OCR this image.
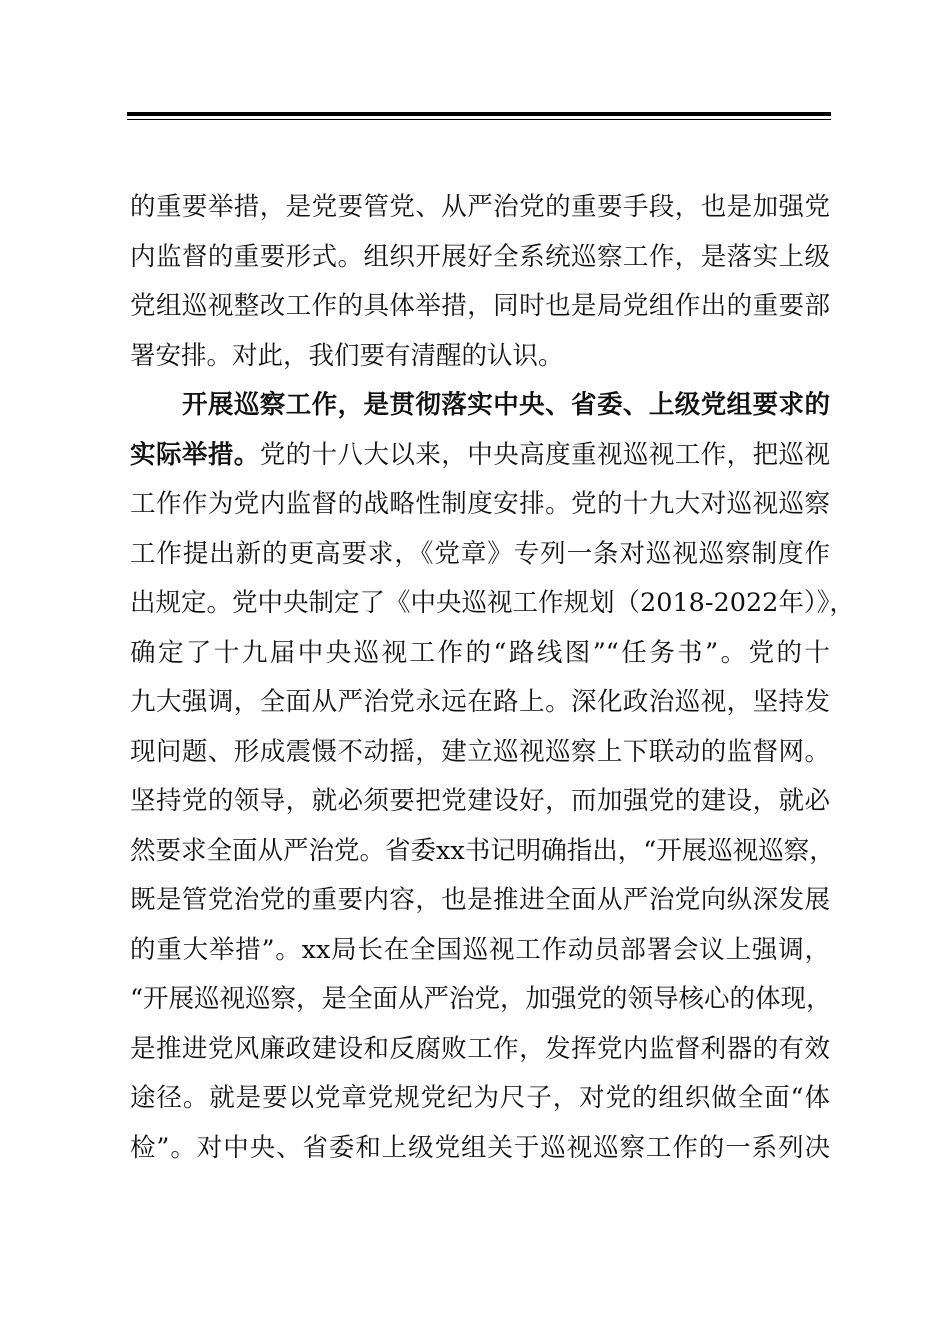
的重要举措，是党要管党、从严治党的重要手段，也是加强党
内监督的重要形式。组织开展好全系统巡察工作，是落实上级
党组巡视整改工作的具体举措，同时也是局党组作出的重要部
署安排。对此，我们要有清醒的认识。
开展巡察工作，是贯彻落实中央、省委、上级党组要求的
实际举措。党的十八大以来，中央高度重视巡视工作，把巡视
工作作为党内监督的战略性制度安排。党的十九大对巡视巡察
工作提出新的更高要求，《党章》专列一条对巡视巡察制度作
出规定。党中央制定了《中央巡视工作规划（2018-2022年）》，
确定了十九届中央巡视工作的“路线图”“任务书”。党的十
九大强调，全面从严治党永远在路上。深化政治巡视，坚持发
现问题、形成震慑不动摇，建立巡视巡察上下联动的监督网。
坚持党的领导，就必须要把党建设好，而加强党的建设，就必
然要求全面从严治党。省委xx书记明确指出，“开展巡视巡察，
既是管党治党的重要内容，也是推进全面从严治党向纵深发展
的重大举措”。xx局长在全国巡视工作动员部署会议上强调，
“开展巡视巡察，是全面从严治党，加强党的领导核心的体现，
是推进党风廉政建设和反腐败工作，发挥党内监督利器的有效
途径。就是要以党章党规党纪为尺子，对党的组织做全面“体
检”。对中央、省委和上级党组关于巡视巡察工作的一系列决
